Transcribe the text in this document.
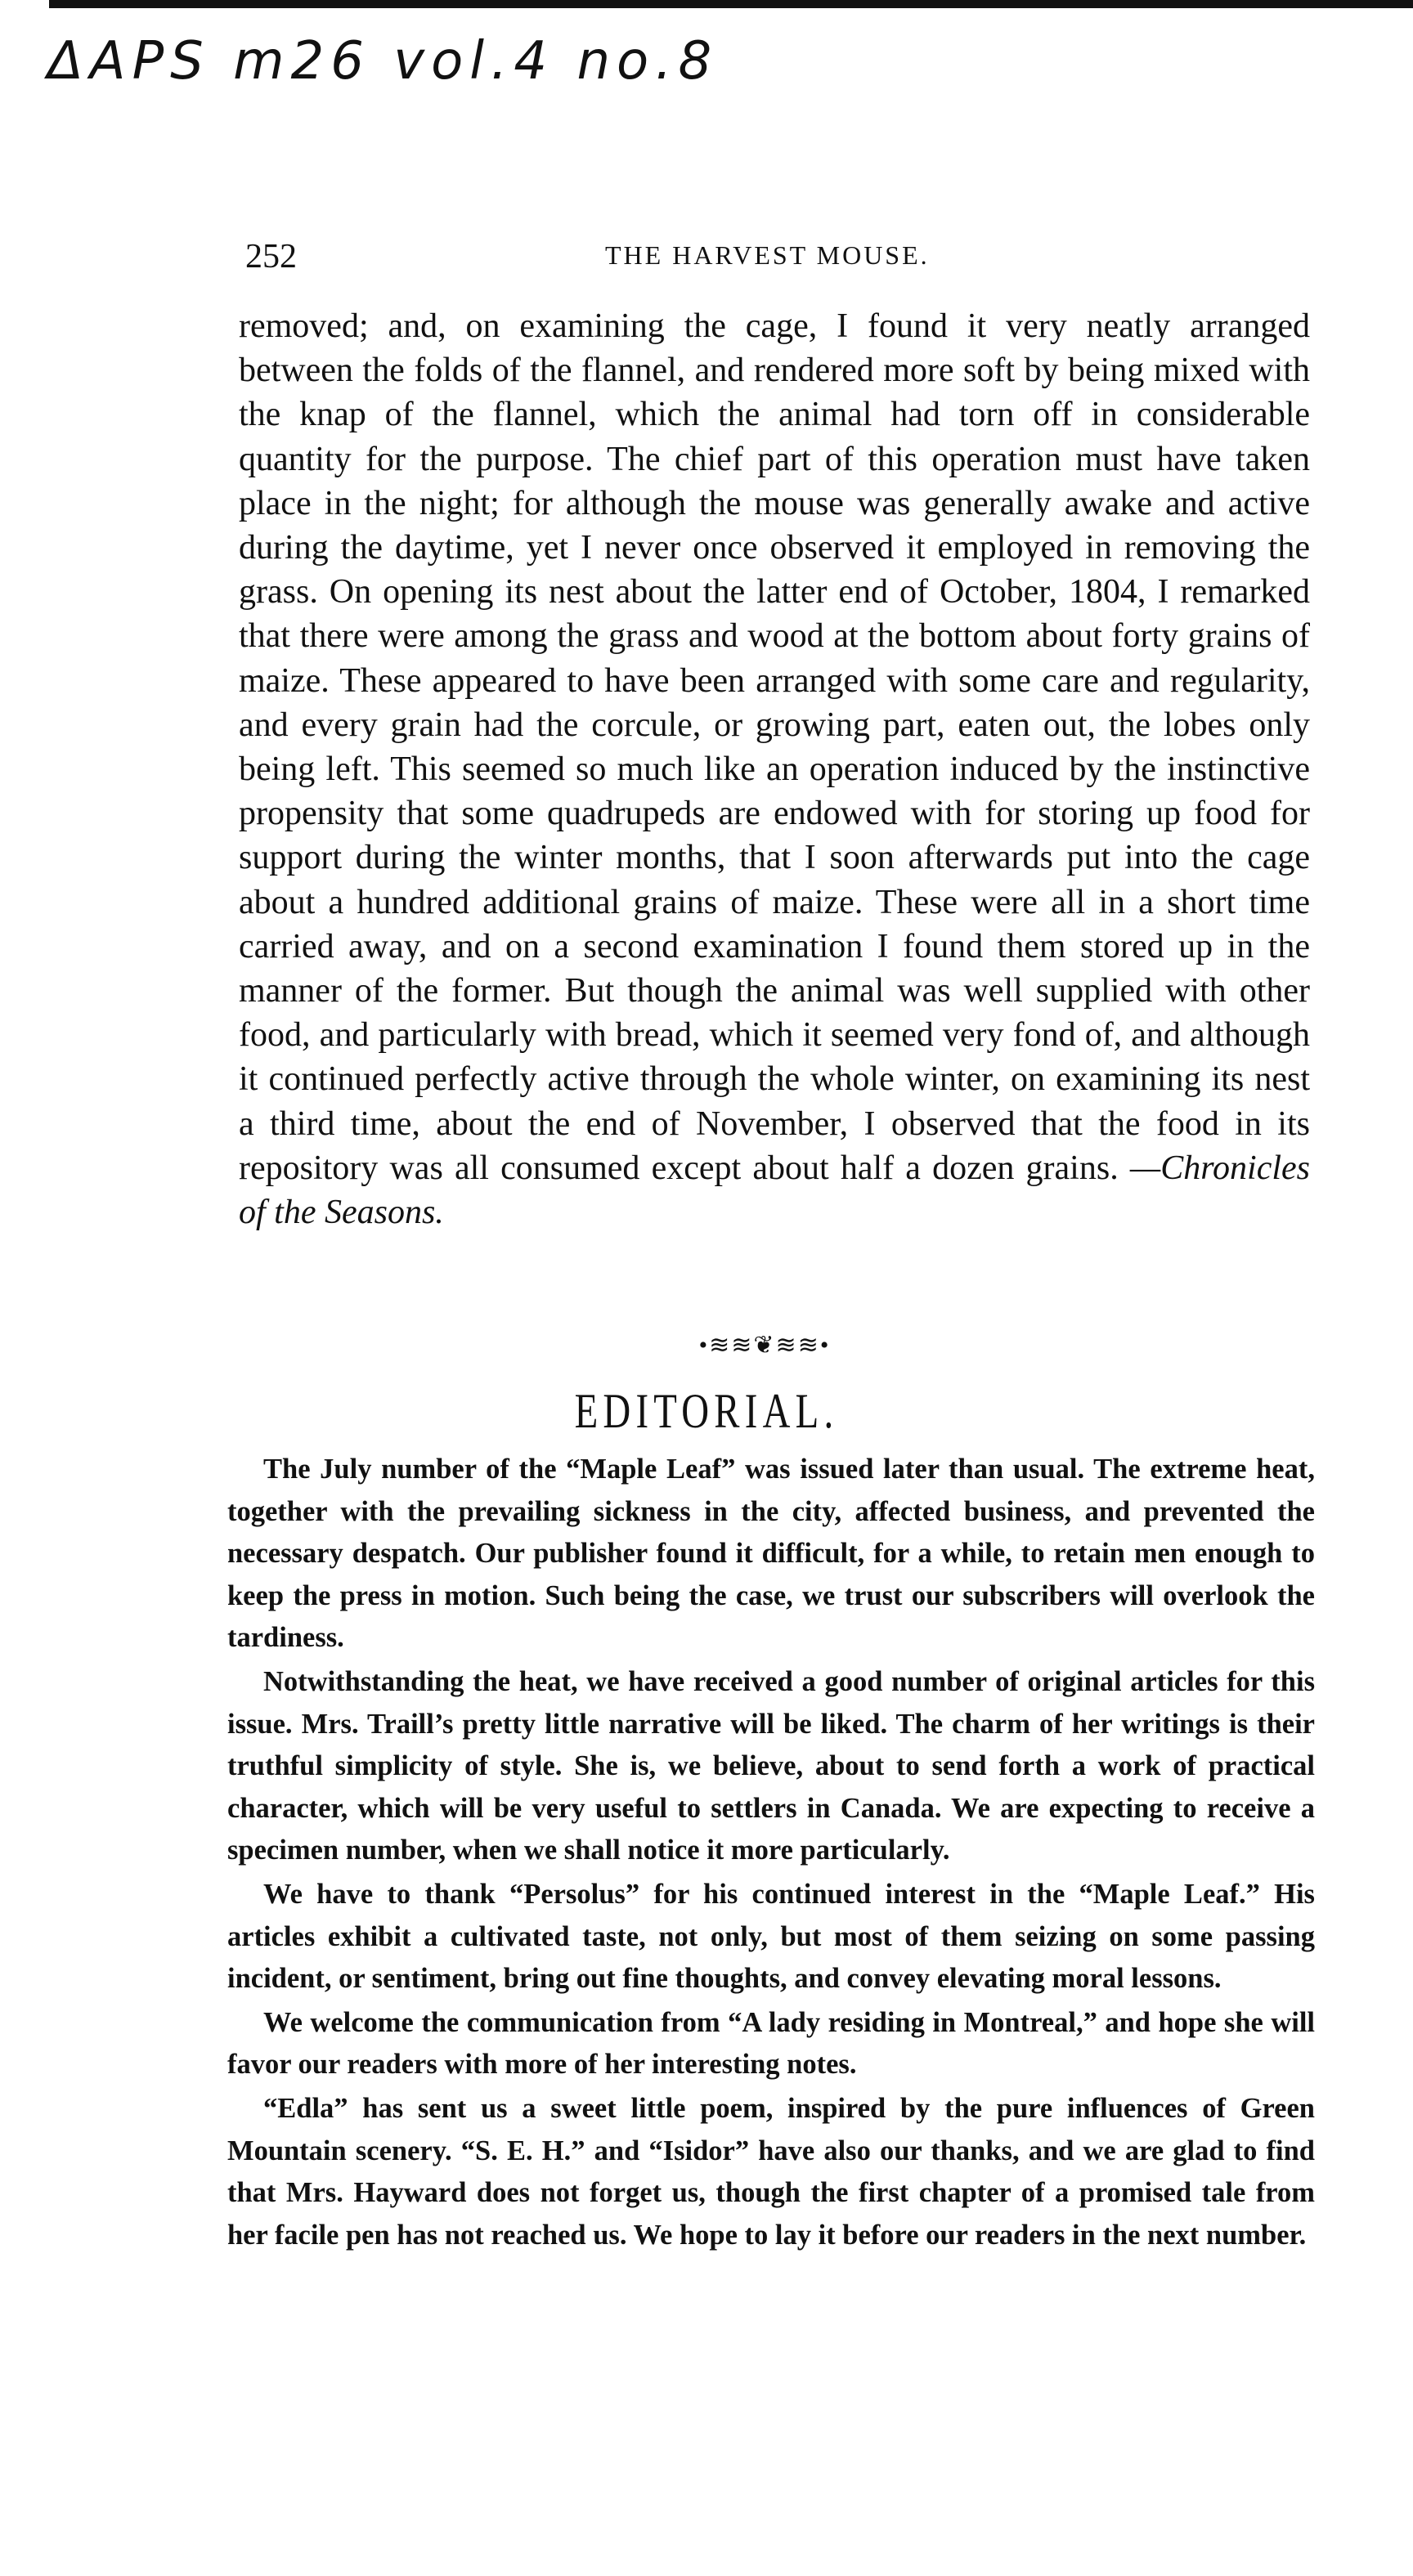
ΔAPS m26 vol.4 no.8
252	THE HARVEST MOUSE.

removed; and, on examining the cage, I found it very neatly arranged between the folds of the flannel, and rendered more soft by being mixed with the knap of the flannel, which the animal had torn off in considerable quantity for the purpose. The chief part of this operation must have taken place in the night; for although the mouse was generally awake and active during the daytime, yet I never once observed it employed in removing the grass. On opening its nest about the latter end of October, 1804, I remarked that there were among the grass and wood at the bottom about forty grains of maize. These appeared to have been arranged with some care and regularity, and every grain had the corcule, or growing part, eaten out, the lobes only being left. This seemed so much like an operation induced by the instinctive propensity that some quadrupeds are endowed with for storing up food for support during the winter months, that I soon afterwards put into the cage about a hundred additional grains of maize. These were all in a short time carried away, and on a second examination I found them stored up in the manner of the former. But though the animal was well supplied with other food, and particularly with bread, which it seemed very fond of, and although it continued perfectly active through the whole winter, on examining its nest a third time, about the end of November, I observed that the food in its repository was all consumed except about half a dozen grains. —Chronicles of the Seasons.

•≋≋❦≋≋•
EDITORIAL.

The July number of the “Maple Leaf” was issued later than usual. The extreme heat, together with the prevailing sickness in the city, affected business, and prevented the necessary despatch. Our publisher found it difficult, for a while, to retain men enough to keep the press in motion. Such being the case, we trust our subscribers will overlook the tardiness.

Notwithstanding the heat, we have received a good number of original articles for this issue. Mrs. Traill’s pretty little narrative will be liked. The charm of her writings is their truthful simplicity of style. She is, we believe, about to send forth a work of practical character, which will be very useful to settlers in Canada. We are expecting to receive a specimen number, when we shall notice it more particularly.

We have to thank “Persolus” for his continued interest in the “Maple Leaf.” His articles exhibit a cultivated taste, not only, but most of them seizing on some passing incident, or sentiment, bring out fine thoughts, and convey elevating moral lessons.

We welcome the communication from “A lady residing in Montreal,” and hope she will favor our readers with more of her interesting notes.

“Edla” has sent us a sweet little poem, inspired by the pure influences of Green Mountain scenery. “S. E. H.” and “Isidor” have also our thanks, and we are glad to find that Mrs. Hayward does not forget us, though the first chapter of a promised tale from her facile pen has not reached us. We hope to lay it before our readers in the next number.
